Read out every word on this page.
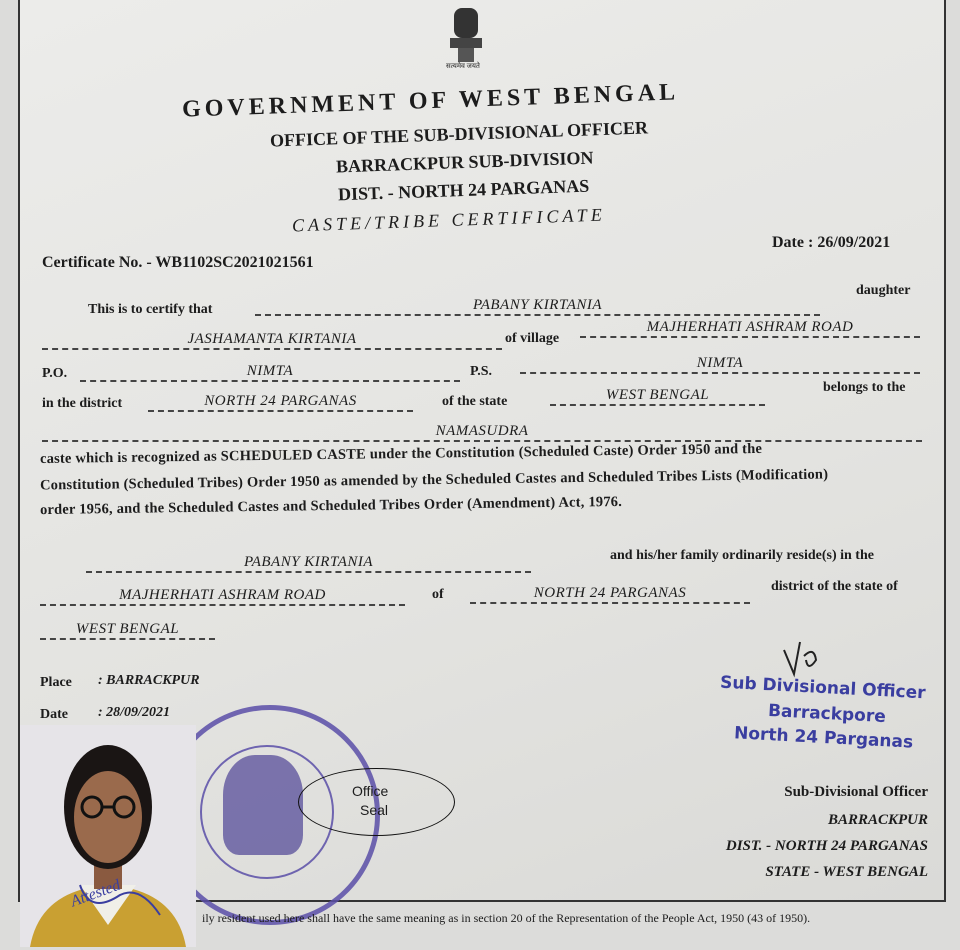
सत्यमेव जयते
GOVERNMENT OF WEST BENGAL
OFFICE OF THE SUB-DIVISIONAL OFFICER
BARRACKPUR SUB-DIVISION
DIST. - NORTH 24 PARGANAS
CASTE/TRIBE CERTIFICATE
Date : 26/09/2021
Certificate No. - WB1102SC2021021561
This is to certify that	PABANY KIRTANIA
daughter
JASHAMANTA KIRTANIA	of village
MAJHERHATI ASHRAM ROAD
P.O.	NIMTA	P.S.
NIMTA
in the district	NORTH 24 PARGANAS	of the state	WEST BENGAL	belongs to the
NAMASUDRA
caste which is recognized as SCHEDULED CASTE under the Constitution (Scheduled Caste) Order 1950 and the
Constitution (Scheduled Tribes) Order 1950 as amended by the Scheduled Castes and Scheduled Tribes Lists (Modification)
order 1956, and the Scheduled Castes and Scheduled Tribes Order (Amendment) Act, 1976.
PABANY KIRTANIA	and his/her family ordinarily reside(s) in the
MAJHERHATI ASHRAM ROAD	of	NORTH 24 PARGANAS	district of the state of
WEST BENGAL
Place : BARRACKPUR
Date : 28/09/2021
Office
Seal
Sub Divisional Officer
Barrackpore
North 24 Parganas
Sub-Divisional Officer
BARRACKPUR
DIST. - NORTH 24 PARGANAS
STATE - WEST BENGAL
Attested
ily resident used here shall have the same meaning as in section 20 of the Representation of the People Act, 1950 (43 of 1950).
